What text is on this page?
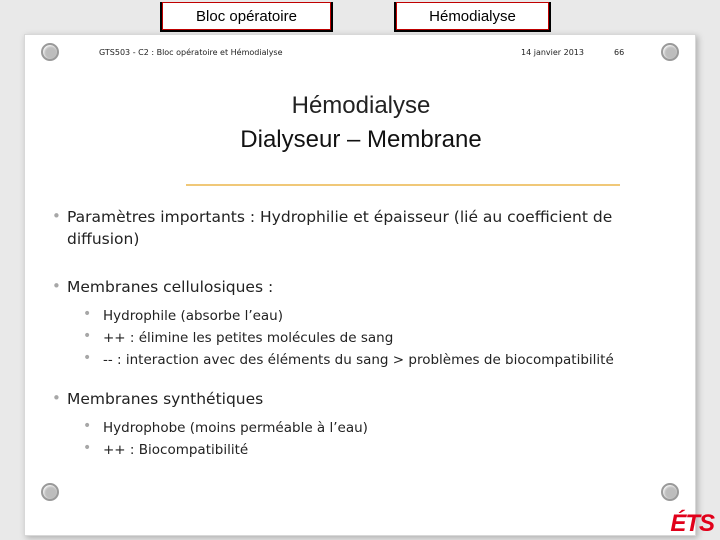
Bloc opératoire	Hémodialyse
GTS503 - C2 : Bloc opératoire et Hémodialyse	14 janvier 2013	66
Hémodialyse
Dialyseur – Membrane
• Paramètres importants : Hydrophilie et épaisseur (lié au coefficient de
diffusion)
• Membranes cellulosiques :
• Hydrophile (absorbe l’eau)
• ++ : élimine les petites molécules de sang
• -- : interaction avec des éléments du sang > problèmes de biocompatibilité
• Membranes synthétiques
• Hydrophobe (moins perméable à l’eau)
• ++ : Biocompatibilité
ÉTS
